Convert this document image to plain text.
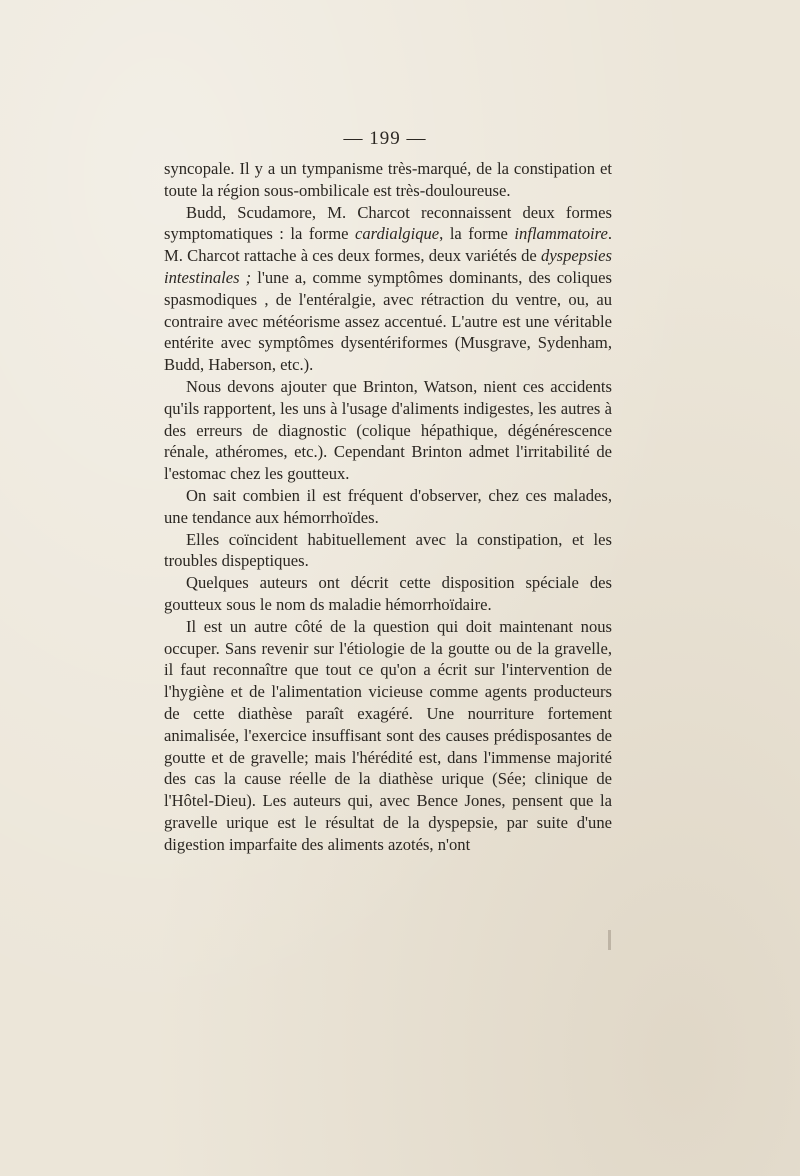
— 199 —

syncopale. Il y a un tympanisme très-marqué, de la constipation et toute la région sous-ombilicale est très-douloureuse.

Budd, Scudamore, M. Charcot reconnaissent deux formes symptomatiques : la forme cardialgique, la forme inflammatoire. M. Charcot rattache à ces deux formes, deux variétés de dyspepsies intestinales ; l'une a, comme symptômes dominants, des coliques spasmodiques , de l'entéralgie, avec rétraction du ventre, ou, au contraire avec météorisme assez accentué. L'autre est une véritable entérite avec symptômes dysentériformes (Musgrave, Sydenham, Budd, Haberson, etc.).

Nous devons ajouter que Brinton, Watson, nient ces accidents qu'ils rapportent, les uns à l'usage d'aliments indigestes, les autres à des erreurs de diagnostic (colique hépathique, dégénérescence rénale, athéromes, etc.). Cependant Brinton admet l'irritabilité de l'estomac chez les goutteux.

On sait combien il est fréquent d'observer, chez ces malades, une tendance aux hémorrhoïdes.

Elles coïncident habituellement avec la constipation, et les troubles dispeptiques.

Quelques auteurs ont décrit cette disposition spéciale des goutteux sous le nom ds maladie hémorrhoïdaire.

Il est un autre côté de la question qui doit maintenant nous occuper. Sans revenir sur l'étiologie de la goutte ou de la gravelle, il faut reconnaître que tout ce qu'on a écrit sur l'intervention de l'hygiène et de l'alimentation vicieuse comme agents producteurs de cette diathèse paraît exagéré. Une nourriture fortement animalisée, l'exercice insuffisant sont des causes prédisposantes de goutte et de gravelle; mais l'hérédité est, dans l'immense majorité des cas la cause réelle de la diathèse urique (Sée; clinique de l'Hôtel-Dieu). Les auteurs qui, avec Bence Jones, pensent que la gravelle urique est le résultat de la dyspepsie, par suite d'une digestion imparfaite des aliments azotés, n'ont
